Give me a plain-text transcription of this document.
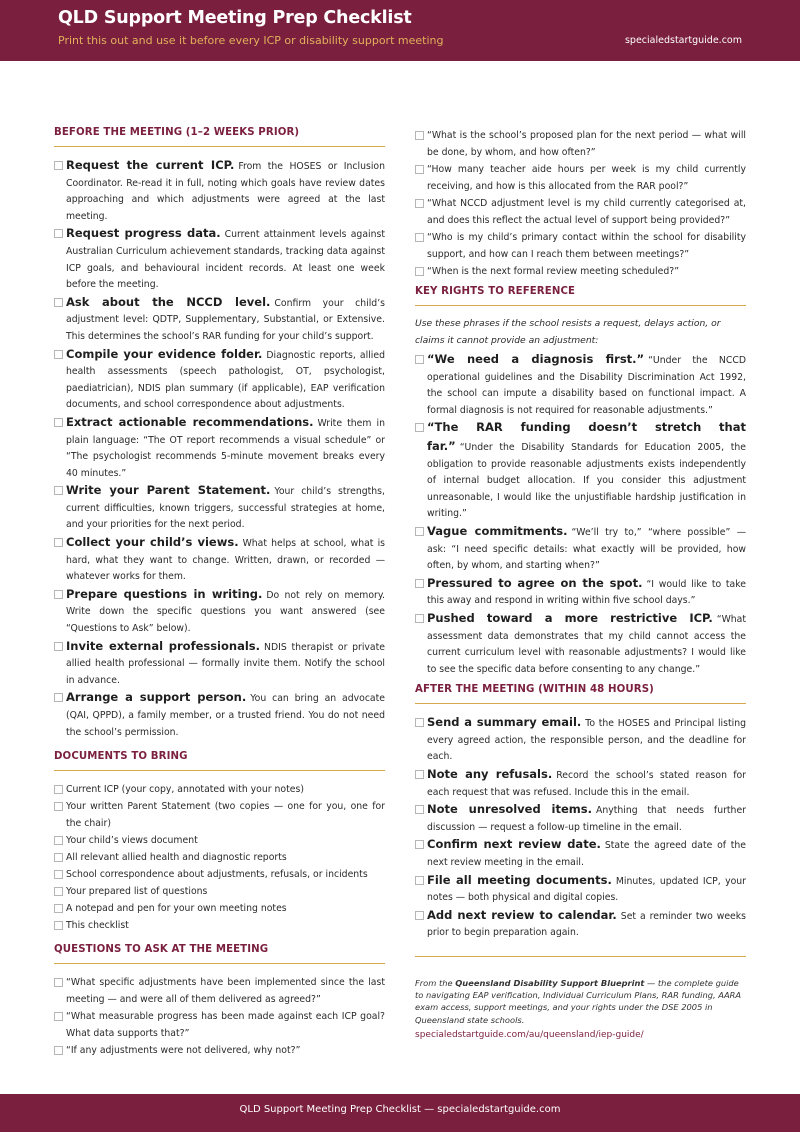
QLD Support Meeting Prep Checklist
Print this out and use it before every ICP or disability support meeting	specialedstartguide.com
BEFORE THE MEETING (1–2 WEEKS PRIOR)
Request the current ICP. From the HOSES or Inclusion Coordinator. Re-read it in full, noting which goals have review dates approaching and which adjustments were agreed at the last meeting.
Request progress data. Current attainment levels against Australian Curriculum achievement standards, tracking data against ICP goals, and behavioural incident records. At least one week before the meeting.
Ask about the NCCD level. Confirm your child’s adjustment level: QDTP, Supplementary, Substantial, or Extensive. This determines the school’s RAR funding for your child’s support.
Compile your evidence folder. Diagnostic reports, allied health assessments (speech pathologist, OT, psychologist, paediatrician), NDIS plan summary (if applicable), EAP verification documents, and school correspondence about adjustments.
Extract actionable recommendations. Write them in plain language: “The OT report recommends a visual schedule” or “The psychologist recommends 5-minute movement breaks every 40 minutes.”
Write your Parent Statement. Your child’s strengths, current difficulties, known triggers, successful strategies at home, and your priorities for the next period.
Collect your child’s views. What helps at school, what is hard, what they want to change. Written, drawn, or recorded — whatever works for them.
Prepare questions in writing. Do not rely on memory. Write down the specific questions you want answered (see “Questions to Ask” below).
Invite external professionals. NDIS therapist or private allied health professional — formally invite them. Notify the school in advance.
Arrange a support person. You can bring an advocate (QAI, QPPD), a family member, or a trusted friend. You do not need the school’s permission.
DOCUMENTS TO BRING
Current ICP (your copy, annotated with your notes)
Your written Parent Statement (two copies — one for you, one for the chair)
Your child’s views document
All relevant allied health and diagnostic reports
School correspondence about adjustments, refusals, or incidents
Your prepared list of questions
A notepad and pen for your own meeting notes
This checklist
QUESTIONS TO ASK AT THE MEETING
“What specific adjustments have been implemented since the last meeting — and were all of them delivered as agreed?”
“What measurable progress has been made against each ICP goal? What data supports that?”
“If any adjustments were not delivered, why not?”
“What is the school’s proposed plan for the next period — what will be done, by whom, and how often?”
“How many teacher aide hours per week is my child currently receiving, and how is this allocated from the RAR pool?”
“What NCCD adjustment level is my child currently categorised at, and does this reflect the actual level of support being provided?”
“Who is my child’s primary contact within the school for disability support, and how can I reach them between meetings?”
“When is the next formal review meeting scheduled?”
KEY RIGHTS TO REFERENCE
Use these phrases if the school resists a request, delays action, or claims it cannot provide an adjustment:
“We need a diagnosis first.” “Under the NCCD operational guidelines and the Disability Discrimination Act 1992, the school can impute a disability based on functional impact. A formal diagnosis is not required for reasonable adjustments.”
“The RAR funding doesn’t stretch that far.” “Under the Disability Standards for Education 2005, the obligation to provide reasonable adjustments exists independently of internal budget allocation. If you consider this adjustment unreasonable, I would like the unjustifiable hardship justification in writing.”
Vague commitments. “We’ll try to,” “where possible” — ask: “I need specific details: what exactly will be provided, how often, by whom, and starting when?”
Pressured to agree on the spot. “I would like to take this away and respond in writing within five school days.”
Pushed toward a more restrictive ICP. “What assessment data demonstrates that my child cannot access the current curriculum level with reasonable adjustments? I would like to see the specific data before consenting to any change.”
AFTER THE MEETING (WITHIN 48 HOURS)
Send a summary email. To the HOSES and Principal listing every agreed action, the responsible person, and the deadline for each.
Note any refusals. Record the school’s stated reason for each request that was refused. Include this in the email.
Note unresolved items. Anything that needs further discussion — request a follow-up timeline in the email.
Confirm next review date. State the agreed date of the next review meeting in the email.
File all meeting documents. Minutes, updated ICP, your notes — both physical and digital copies.
Add next review to calendar. Set a reminder two weeks prior to begin preparation again.
From the Queensland Disability Support Blueprint — the complete guide to navigating EAP verification, Individual Curriculum Plans, RAR funding, AARA exam access, support meetings, and your rights under the DSE 2005 in Queensland state schools.
specialedstartguide.com/au/queensland/iep-guide/
QLD Support Meeting Prep Checklist — specialedstartguide.com
